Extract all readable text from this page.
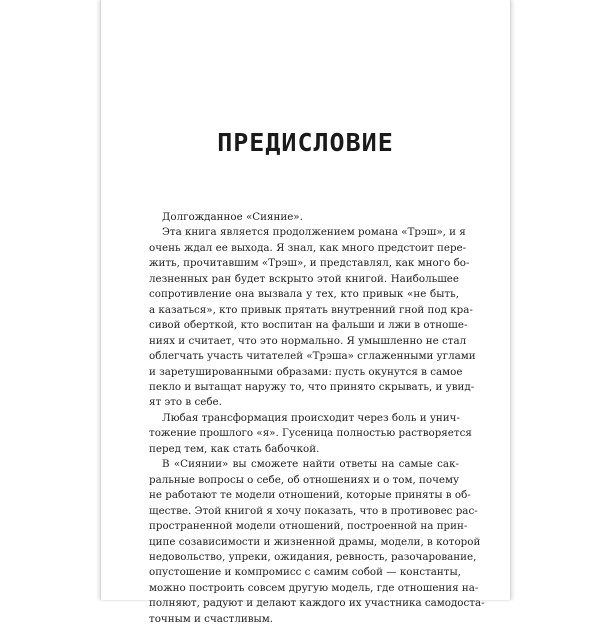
ПРЕДИСЛОВИЕ
Долгожданное «Сияние».
Эта книга является продолжением романа «Трэш», и я
очень ждал ее выхода. Я знал, как много предстоит пере-
жить, прочитавшим «Трэш», и представлял, как много бо-
лезненных ран будет вскрыто этой книгой. Наибольшее
сопротивление она вызвала у тех, кто привык «не быть,
а казаться», кто привык прятать внутренний гной под кра-
сивой оберткой, кто воспитан на фальши и лжи в отноше-
ниях и считает, что это нормально. Я умышленно не стал
облегчать участь читателей «Трэша» сглаженными углами
и заретушированными образами: пусть окунутся в самое
пекло и вытащат наружу то, что принято скрывать, и увид-
ят это в себе.
Любая трансформация происходит через боль и унич-
тожение прошлого «я». Гусеница полностью растворяется
перед тем, как стать бабочкой.
В «Сиянии» вы сможете найти ответы на самые сак-
ральные вопросы о себе, об отношениях и о том, почему
не работают те модели отношений, которые приняты в об-
ществе. Этой книгой я хочу показать, что в противовес рас-
пространенной модели отношений, построенной на прин-
ципе созависимости и жизненной драмы, модели, в которой
недовольство, упреки, ожидания, ревность, разочарование,
опустошение и компромисс с самим собой — константы,
можно построить совсем другую модель, где отношения на-
полняют, радуют и делают каждого их участника самодоста-
точным и счастливым.
